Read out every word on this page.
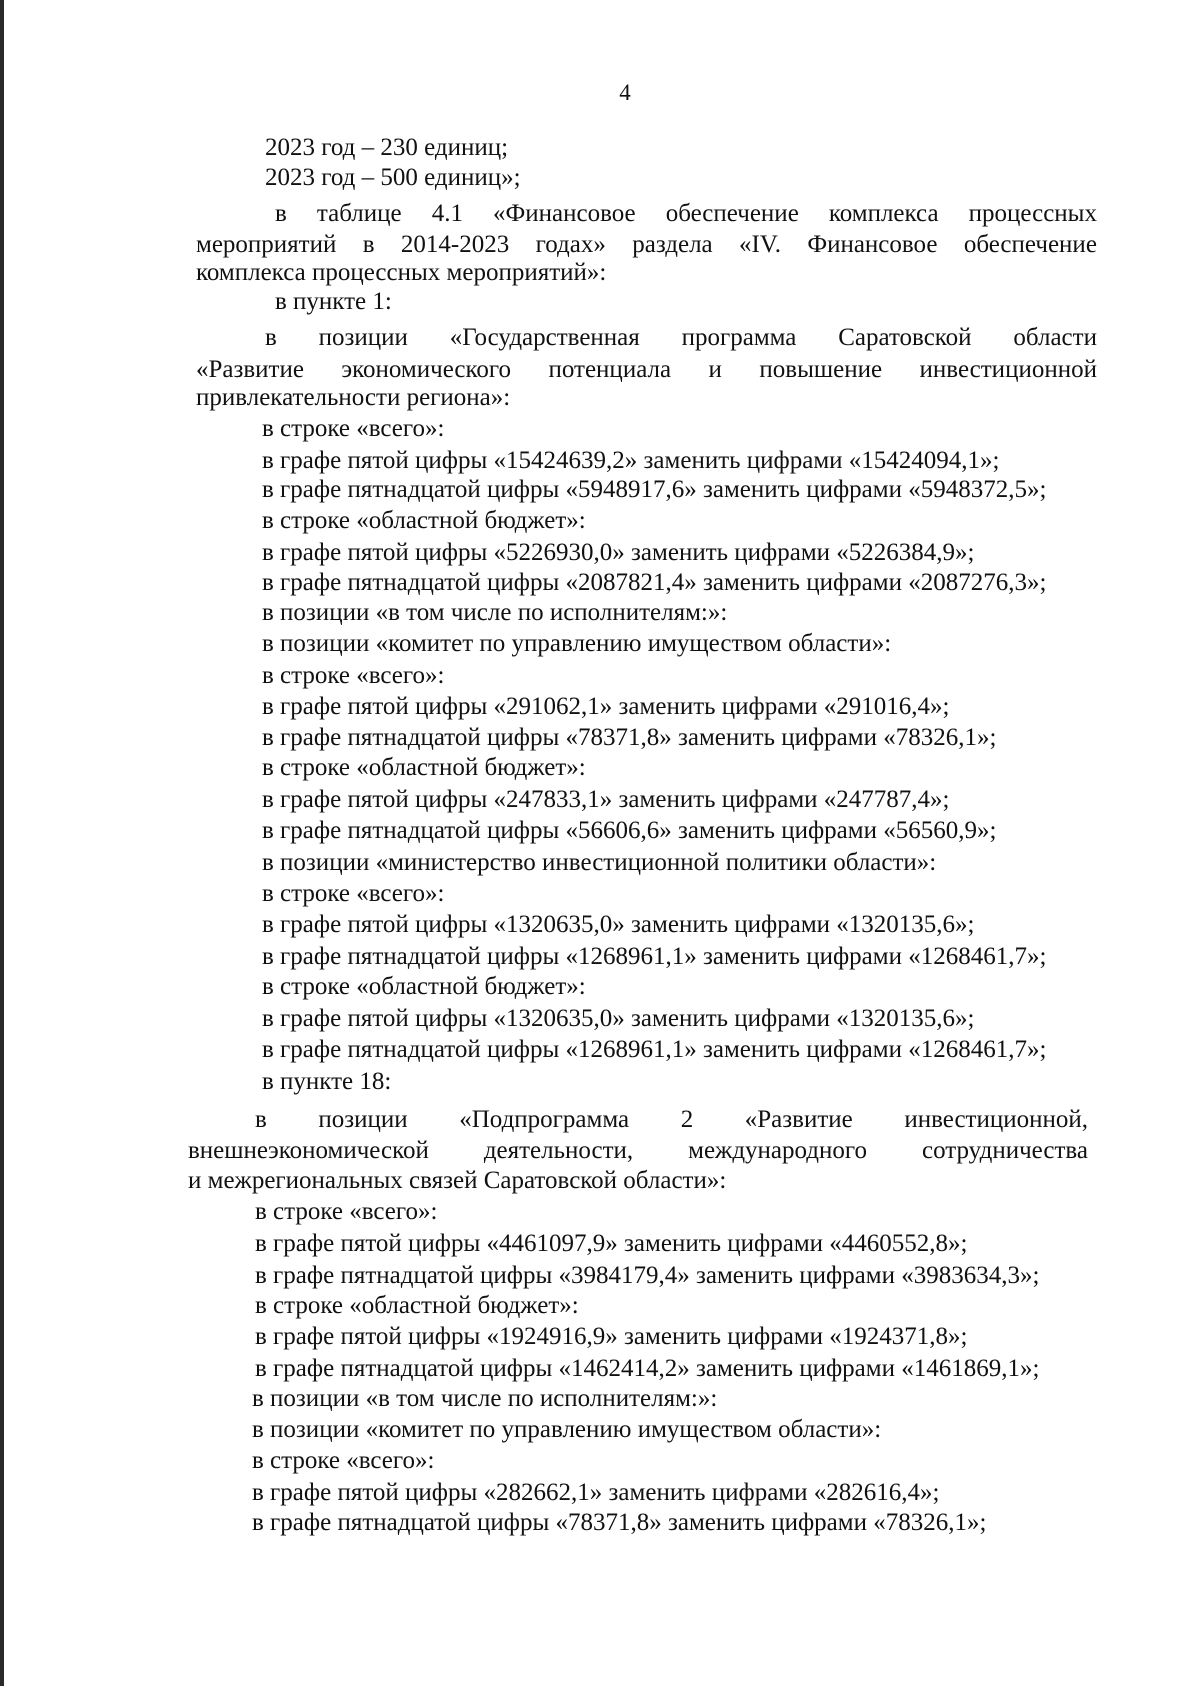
4
2023 год – 230 единиц;
2023 год – 500 единиц»;
в таблице 4.1 «Финансовое обеспечение комплекса процессных
мероприятий в 2014-2023 годах» раздела «IV. Финансовое обеспечение
комплекса процессных мероприятий»:
в пункте 1:
в позиции «Государственная программа Саратовской области
«Развитие экономического потенциала и повышение инвестиционной
привлекательности региона»:
в строке «всего»:
в графе пятой цифры «15424639,2» заменить цифрами «15424094,1»;
в графе пятнадцатой цифры «5948917,6» заменить цифрами «5948372,5»;
в строке «областной бюджет»:
в графе пятой цифры «5226930,0» заменить цифрами «5226384,9»;
в графе пятнадцатой цифры «2087821,4» заменить цифрами «2087276,3»;
в позиции «в том числе по исполнителям:»:
в позиции «комитет по управлению имуществом области»:
в строке «всего»:
в графе пятой цифры «291062,1» заменить цифрами «291016,4»;
в графе пятнадцатой цифры «78371,8» заменить цифрами «78326,1»;
в строке «областной бюджет»:
в графе пятой цифры «247833,1» заменить цифрами «247787,4»;
в графе пятнадцатой цифры «56606,6» заменить цифрами «56560,9»;
в позиции «министерство инвестиционной политики области»:
в строке «всего»:
в графе пятой цифры «1320635,0» заменить цифрами «1320135,6»;
в графе пятнадцатой цифры «1268961,1» заменить цифрами «1268461,7»;
в строке «областной бюджет»:
в графе пятой цифры «1320635,0» заменить цифрами «1320135,6»;
в графе пятнадцатой цифры «1268961,1» заменить цифрами «1268461,7»;
в пункте 18:
в позиции «Подпрограмма 2 «Развитие инвестиционной,
внешнеэкономической деятельности, международного сотрудничества
и межрегиональных связей Саратовской области»:
в строке «всего»:
в графе пятой цифры «4461097,9» заменить цифрами «4460552,8»;
в графе пятнадцатой цифры «3984179,4» заменить цифрами «3983634,3»;
в строке «областной бюджет»:
в графе пятой цифры «1924916,9» заменить цифрами «1924371,8»;
в графе пятнадцатой цифры «1462414,2» заменить цифрами «1461869,1»;
в позиции «в том числе по исполнителям:»:
в позиции «комитет по управлению имуществом области»:
в строке «всего»:
в графе пятой цифры «282662,1» заменить цифрами «282616,4»;
в графе пятнадцатой цифры «78371,8» заменить цифрами «78326,1»;
